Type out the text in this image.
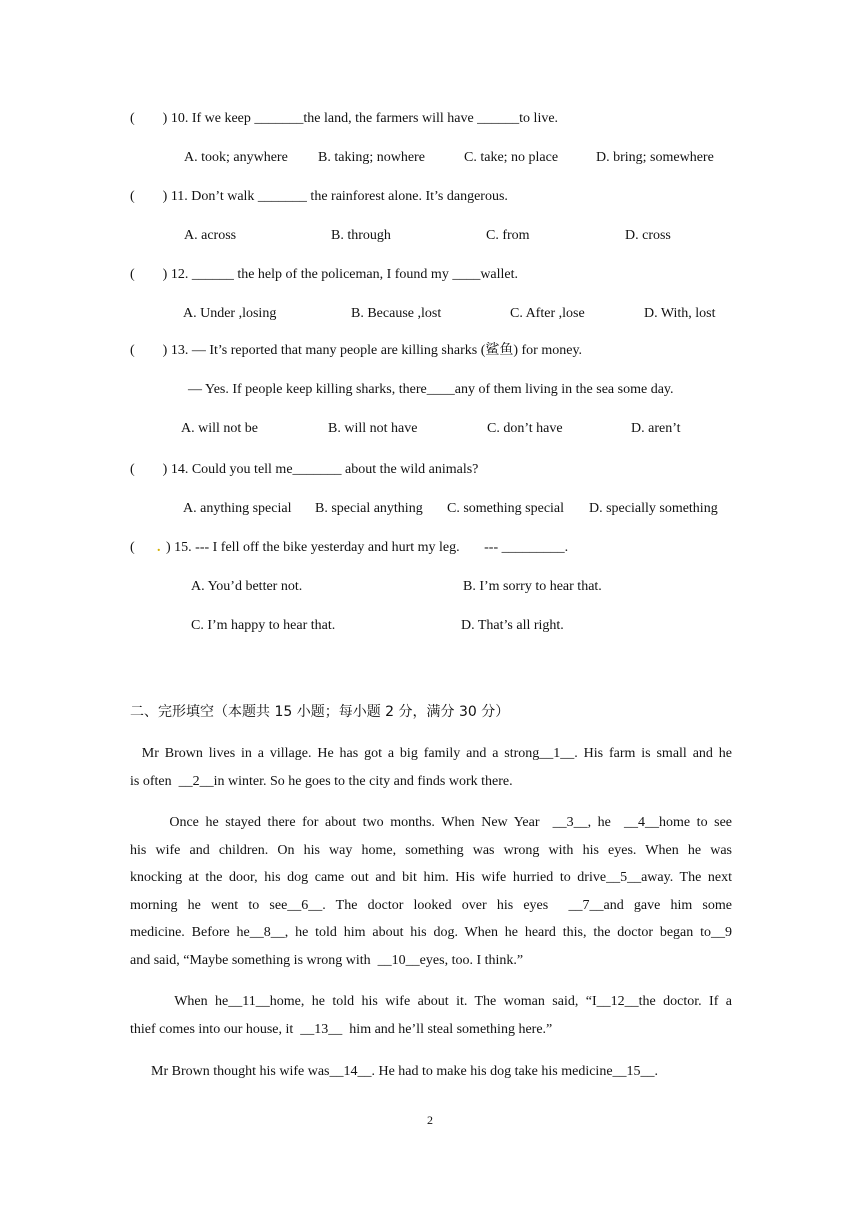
(        ) 10. If we keep _______the land, the farmers will have ______to live.
A. took; anywhere B. taking; nowhere	C. take; no place	D. bring; somewhere
(        ) 11. Don’t walk _______ the rainforest alone. It’s dangerous.
A. across	B. through	C. from	D. cross
(        ) 12. ______ the help of the policeman, I found my ____wallet.
A. Under ,losing	B. Because ,lost	C. After ,lose	D. With, lost
(        ) 13. — It’s reported that many people are killing sharks (鲨鱼) for money.
— Yes. If people keep killing sharks, there____any of them living in the sea some day.
A. will not be	B. will not have	C. don’t have	D. aren’t
(        ) 14. Could you tell me_______ about the wild animals?
A. anything special B. special anything C. something special D. specially something
( . ) 15. --- I fell off the bike yesterday and hurt my leg.       --- _________.
A. You’d better not.	B. I’m sorry to hear that.
C. I’m happy to hear that.	D. That’s all right.
二、完形填空（本题共 15 小题；每小题 2 分，满分 30 分）
Mr Brown lives in a village. He has got a big family and a strong__1__. His farm is small and he
is often  __2__in winter. So he goes to the city and finds work there.
Once he stayed there for about two months. When New Year  __3__, he  __4__home to see
his wife and children. On his way home, something was wrong with his eyes. When he was
knocking at the door, his dog came out and bit him. His wife hurried to drive__5__away. The next
morning he went to see__6__. The doctor looked over his eyes  __7__and gave him some
medicine. Before he__8__, he told him about his dog. When he heard this, the doctor began to__9
and said, “Maybe something is wrong with  __10__eyes, too. I think.”
When he__11__home, he told his wife about it. The woman said, “I__12__the doctor. If a
thief comes into our house, it  __13__  him and he’ll steal something here.”
Mr Brown thought his wife was__14__. He had to make his dog take his medicine__15__.
2
